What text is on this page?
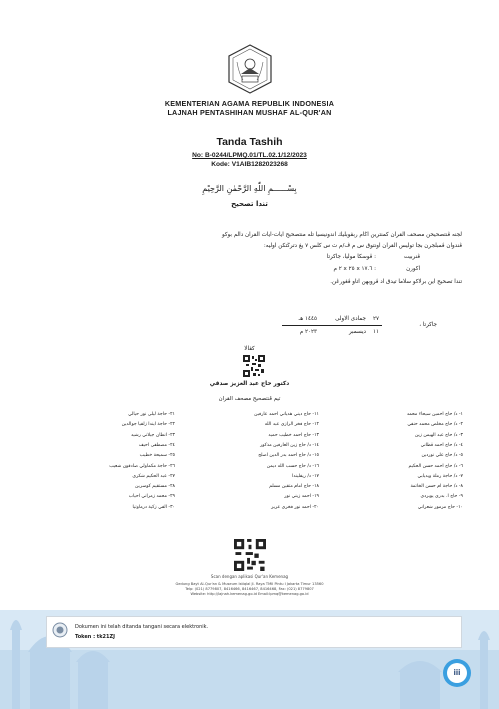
KEMENTERIAN AGAMA REPUBLIK INDONESIA
LAJNAH PENTASHIHAN MUSHAF AL-QUR'AN
Tanda Tashih
No: B-0244/LPMQ.01/TL.02.1/12/2023
Kode: V1AIB1282023268
بِسْــــــمِ اللّٰهِ الرَّحْمٰنِ الرَّحِيْمِ
تندا تصحيح
لجنه ڤنتصحيحن مصحف القران كمنترين اڬام ربڤوبليك اندونيسيا تله منتصحيح ايات-ايات القران دالم بوكو
ڤندوان ڤمبلجرن بجا توليس القران اونتوق س م ڤ/م ت س كلس ٧ يڠ دترڬتكن اوليه:
ڤنربيت
: ڤوسكا موليا، جاكرتا
اكورن
: ١٧.٦ x ٢٥ x ٢ م
تندا تصحيح اين برلاكو سلاما تيدق اد ڤروبهن اتاو ڤڠورڠن.
جاكرتا ،
٢٧
جمادى الاولى
١٤٤٥ هـ
١١
ديسمبر
٢٠٢٣ م
كڤالا
دكتور حاج عبد العزيز صدقي
تيم ڤنتصحيح مصحف القران
١- د/ حاج احمين سيحاء محمد
٢- د/ حاج مخلص محمد حنفي
٣- د/ حاج عبد الهيمن زين
٤- د/ حاج احمد ڤطاني
٥- د/ حاج علي نوردين
٦- د/ حاج احمد حسن الحكيم
٧- د/ حاجة رملة ويديابي
٨- د/ حاجة ام حسن الخاتمة
٩- حاج ا. بدري يوبردي
١٠- حاج مزمور شعراني
١١- حاج ديني هدياني احمد عارفين
١٢- حاج فخر الرازي عبد الله
١٣- حاج احمد خطيب حميد
١٤- د/ حاج زين العارفين مذكور
١٥- د/ حاج احمد بدر الدين اصلح
١٦- د/ حاج حسب الله ديمن
١٧- د/ ريفليندا
١٨- حاج امام متقين مسلم
١٩- احمد زيني نور
٢٠- احمد نور فخري عزيز
٢١- حاجة ليلى نور حيالي
٢٢- حاجة ايندا زلفيا جوالدين
٢٣- انطان جيلاني رشيد
٢٤- مصطفى احيف
٢٥- سميحة خطيب
٢٦- حاجة مكماولي صادقون شعيب
٢٧- عبد الحكيم شكري
٢٨- مستقيم كوسرين
٢٩- محمد زمراني احياب
٣٠- الفي زكية درماوتيا
Scan dengan aplikasi Qur'an Kemenag
Gedung Bayt Al-Qur'an & Museum Istiqlal Jl. Raya TMII Pintu I Jakarta Timur 13560
Telp: (021) 8779807, 8416466, 8416467, 8416468, Fax: (021) 8779807
Website: http://lajnah.kemenag.go.id Email:lpmq@kemenag.go.id
Dokumen ini telah ditanda tangani secara elektronik.
Token : tk21ZJ
iii
